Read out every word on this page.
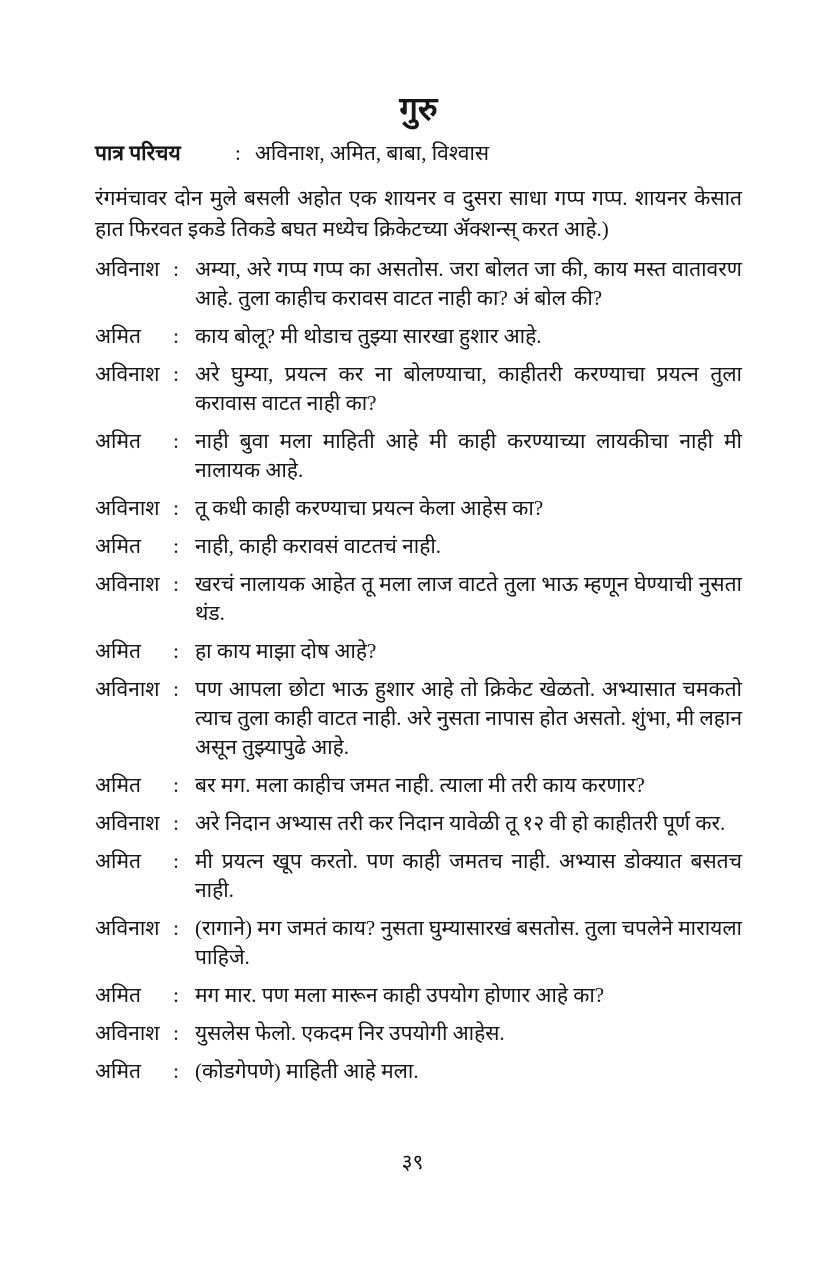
गुरु
पात्र परिचय	: अविनाश, अमित, बाबा, विश्वास

रंगमंचावर दोन मुले बसली अहोत एक शायनर व दुसरा साधा गप्प गप्प. शायनर केसात हात फिरवत इकडे तिकडे बघत मध्येच क्रिकेटच्या ॲक्शन्स् करत आहे.)

अविनाश : अम्या, अरे गप्प गप्प का असतोस. जरा बोलत जा की, काय मस्त वातावरण आहे. तुला काहीच करावस वाटत नाही का? अं बोल की?
अमित : काय बोलू? मी थोडाच तुझ्या सारखा हुशार आहे.
अविनाश : अरे घुम्या, प्रयत्न कर ना बोलण्याचा, काहीतरी करण्याचा प्रयत्न तुला करावास वाटत नाही का?
अमित : नाही बुवा मला माहिती आहे मी काही करण्याच्या लायकीचा नाही मी नालायक आहे.
अविनाश : तू कधी काही करण्याचा प्रयत्न केला आहेस का?
अमित : नाही, काही करावसं वाटतचं नाही.
अविनाश : खरचं नालायक आहेत तू मला लाज वाटते तुला भाऊ म्हणून घेण्याची नुसता थंड.
अमित : हा काय माझा दोष आहे?
अविनाश : पण आपला छोटा भाऊ हुशार आहे तो क्रिकेट खेळतो. अभ्यासात चमकतो त्याच तुला काही वाटत नाही. अरे नुसता नापास होत असतो. शुंभा, मी लहान असून तुझ्यापुढे आहे.
अमित : बर मग. मला काहीच जमत नाही. त्याला मी तरी काय करणार?
अविनाश : अरे निदान अभ्यास तरी कर निदान यावेळी तू १२ वी हो काहीतरी पूर्ण कर.
अमित : मी प्रयत्न खूप करतो. पण काही जमतच नाही. अभ्यास डोक्यात बसतच नाही.
अविनाश : (रागाने) मग जमतं काय? नुसता घुम्यासारखं बसतोस. तुला चपलेने मारायला पाहिजे.
अमित : मग मार. पण मला मारून काही उपयोग होणार आहे का?
अविनाश : युसलेस फेलो. एकदम निर उपयोगी आहेस.
अमित : (कोडगेपणे) माहिती आहे मला.
३९
